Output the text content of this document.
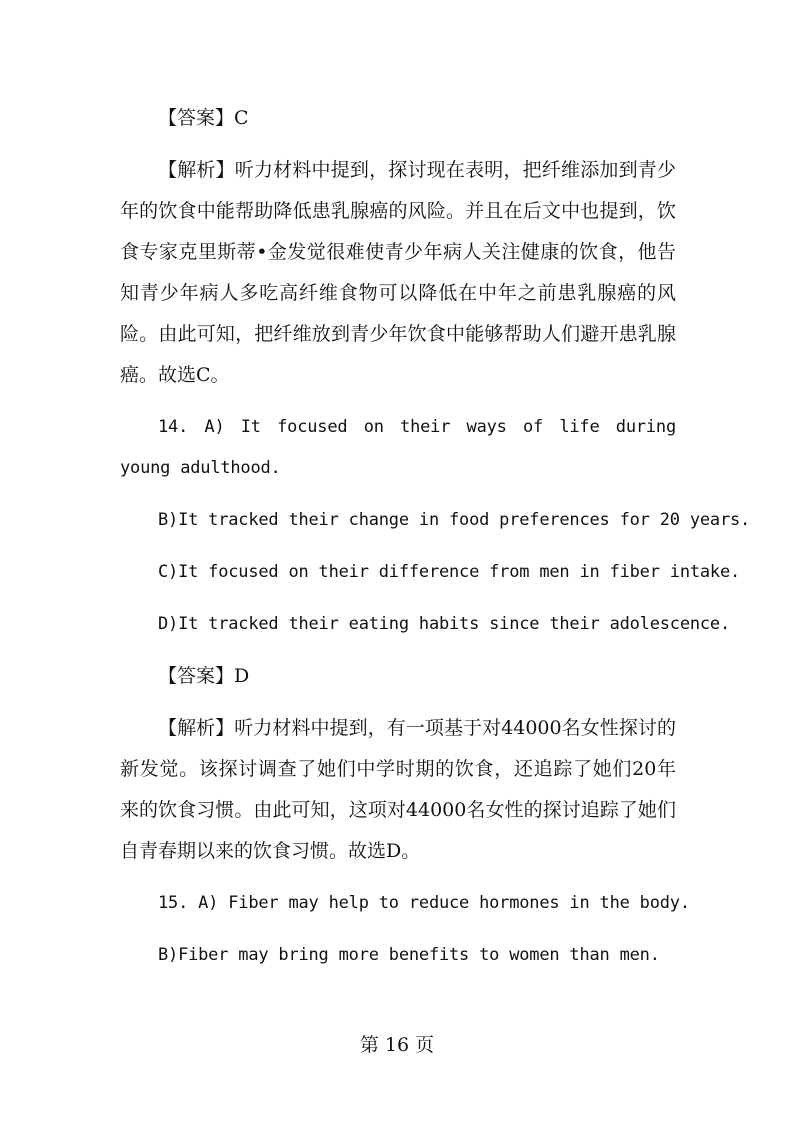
【答案】C

【解析】听力材料中提到，探讨现在表明，把纤维添加到青少年的饮食中能帮助降低患乳腺癌的风险。并且在后文中也提到，饮食专家克里斯蒂•金发觉很难使青少年病人关注健康的饮食，他告知青少年病人多吃高纤维食物可以降低在中年之前患乳腺癌的风险。由此可知，把纤维放到青少年饮食中能够帮助人们避开患乳腺癌。故选C。

14. A) It focused on their ways of life during young adulthood.

B)It tracked their change in food preferences for 20 years.

C)It focused on their difference from men in fiber intake.

D)It tracked their eating habits since their adolescence.

【答案】D

【解析】听力材料中提到，有一项基于对44000名女性探讨的新发觉。该探讨调查了她们中学时期的饮食，还追踪了她们20年来的饮食习惯。由此可知，这项对44000名女性的探讨追踪了她们自青春期以来的饮食习惯。故选D。

15. A) Fiber may help to reduce hormones in the body.

B)Fiber may bring more benefits to women than men.

第 16 页
